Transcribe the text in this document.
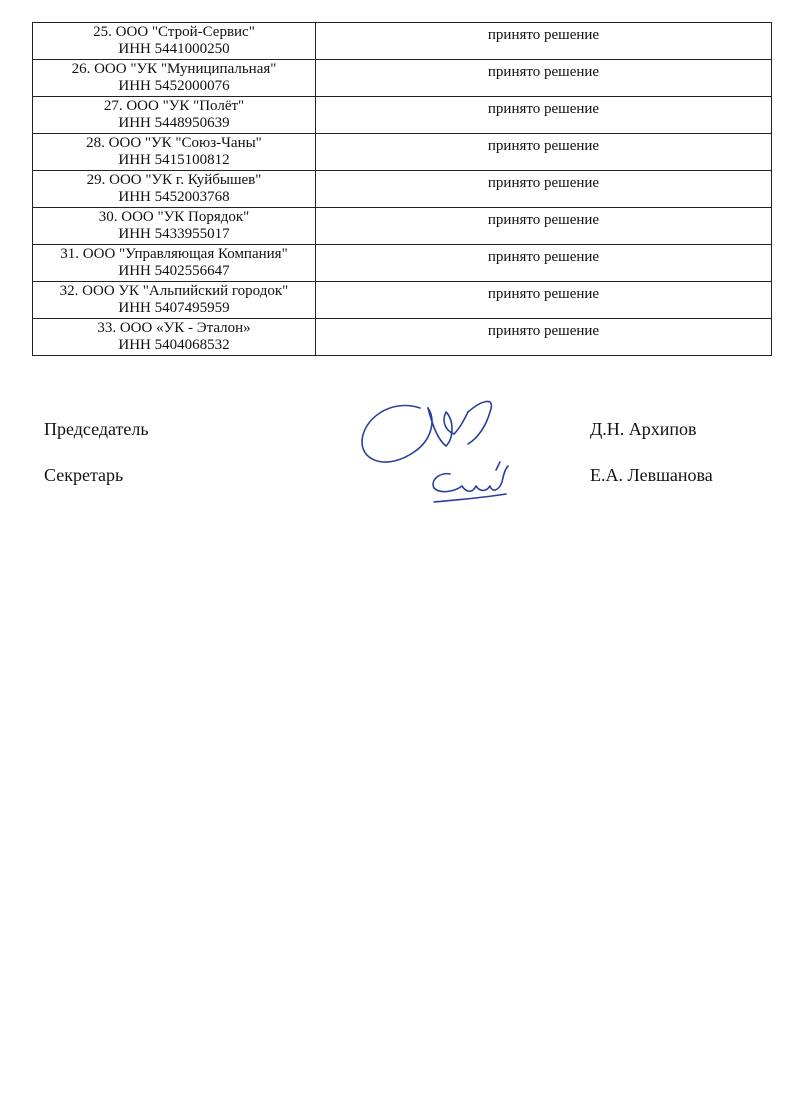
25. ООО "Строй-Сервис"
ИНН 5441000250	принято решение

26. ООО "УК "Муниципальная"
ИНН 5452000076	принято решение

27. ООО "УК "Полёт"
ИНН 5448950639	принято решение

28. ООО "УК "Союз-Чаны"
ИНН 5415100812	принято решение

29. ООО "УК г. Куйбышев"
ИНН 5452003768	принято решение

30. ООО "УК Порядок"
ИНН 5433955017	принято решение

31. ООО "Управляющая Компания"
ИНН 5402556647	принято решение

32. ООО УК "Альпийский городок"
ИНН 5407495959	принято решение

33. ООО «УК - Эталон»
ИНН 5404068532	принято решение
Председатель	Д.Н. Архипов
Секретарь	Е.А. Левшанова
